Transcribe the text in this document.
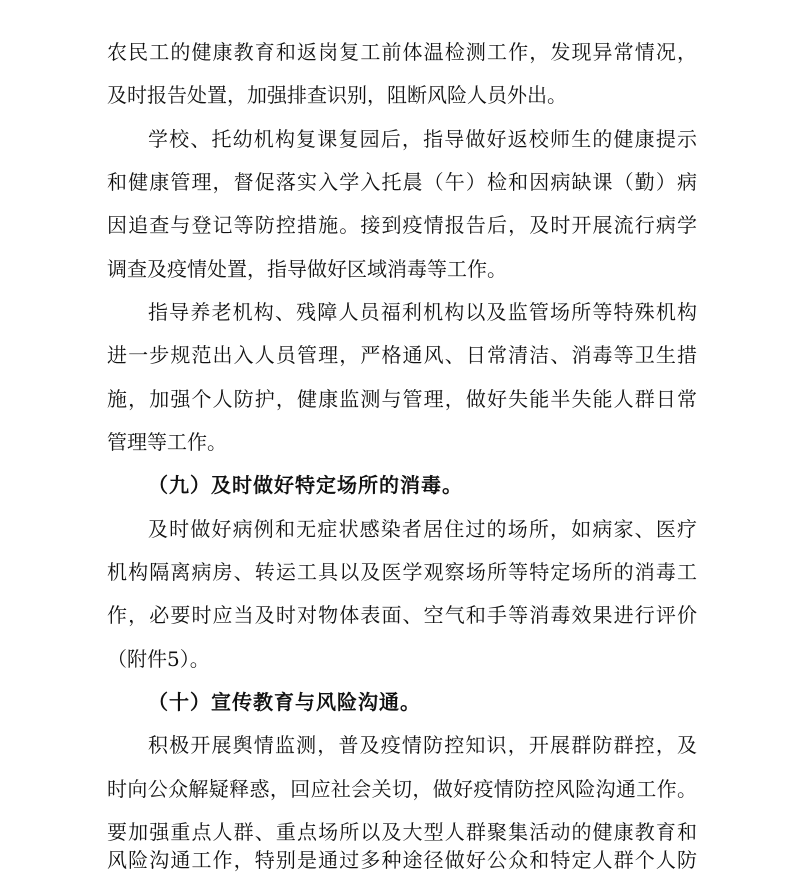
农民工的健康教育和返岗复工前体温检测工作，发现异常情况，
及时报告处置，加强排查识别，阻断风险人员外出。
学校、托幼机构复课复园后，指导做好返校师生的健康提示
和健康管理，督促落实入学入托晨（午）检和因病缺课（勤）病
因追查与登记等防控措施。接到疫情报告后，及时开展流行病学
调查及疫情处置，指导做好区域消毒等工作。
指导养老机构、残障人员福利机构以及监管场所等特殊机构
进一步规范出入人员管理，严格通风、日常清洁、消毒等卫生措
施，加强个人防护，健康监测与管理，做好失能半失能人群日常
管理等工作。
（九）及时做好特定场所的消毒。
及时做好病例和无症状感染者居住过的场所，如病家、医疗
机构隔离病房、转运工具以及医学观察场所等特定场所的消毒工
作，必要时应当及时对物体表面、空气和手等消毒效果进行评价
（附件5）。
（十）宣传教育与风险沟通。
积极开展舆情监测，普及疫情防控知识，开展群防群控，及
时向公众解疑释惑，回应社会关切，做好疫情防控风险沟通工作。
要加强重点人群、重点场所以及大型人群聚集活动的健康教育和
风险沟通工作，特别是通过多种途径做好公众和特定人群个人防
